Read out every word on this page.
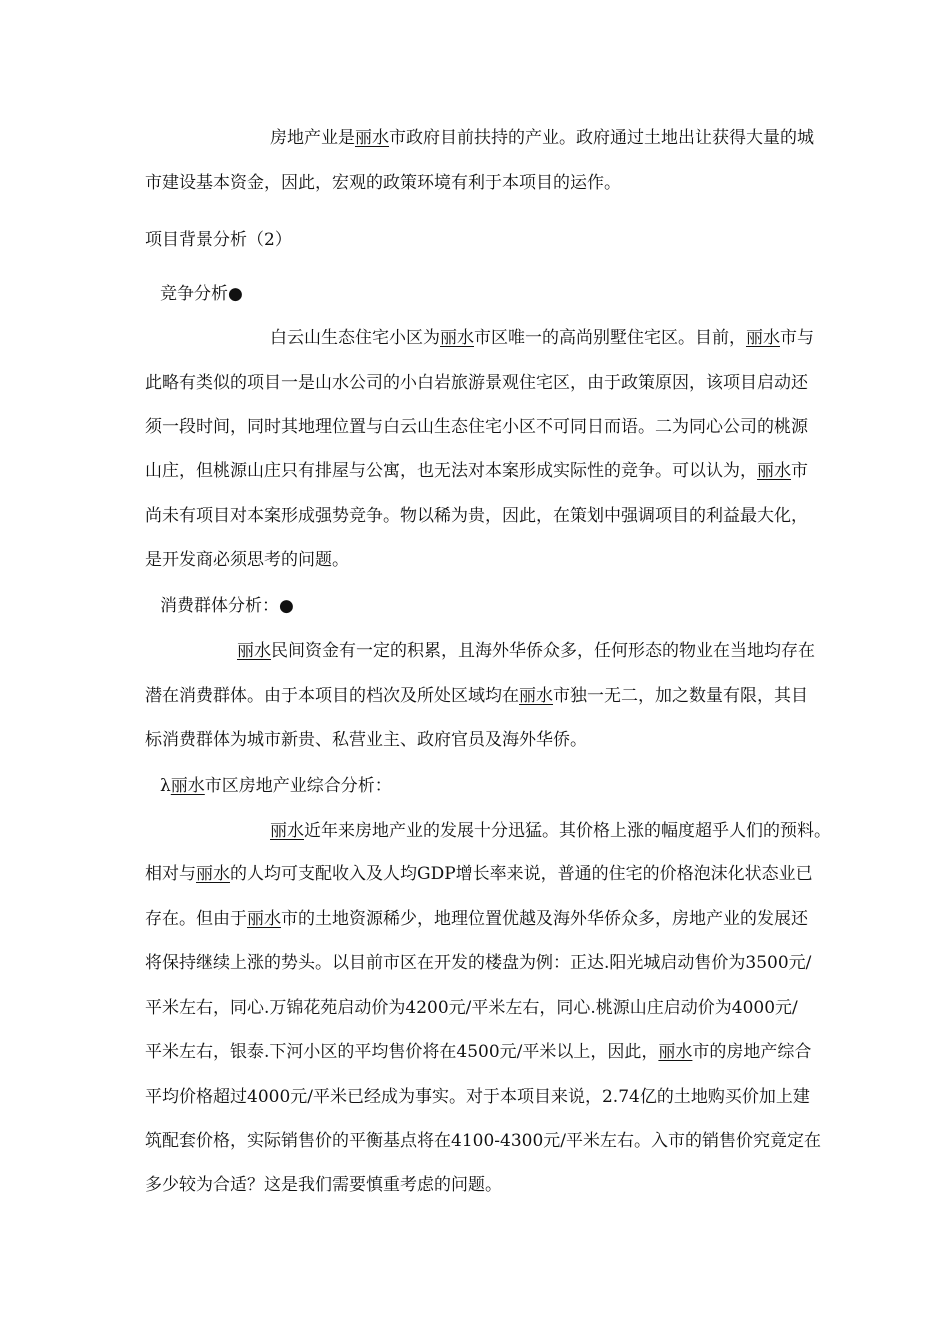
房地产业是丽水市政府目前扶持的产业。政府通过土地出让获得大量的城
市建设基本资金，因此，宏观的政策环境有利于本项目的运作。
项目背景分析（2）
竞争分析●
白云山生态住宅小区为丽水市区唯一的高尚别墅住宅区。目前，丽水市与
此略有类似的项目一是山水公司的小白岩旅游景观住宅区，由于政策原因，该项目启动还
须一段时间，同时其地理位置与白云山生态住宅小区不可同日而语。二为同心公司的桃源
山庄，但桃源山庄只有排屋与公寓，也无法对本案形成实际性的竞争。可以认为，丽水市
尚未有项目对本案形成强势竞争。物以稀为贵，因此，在策划中强调项目的利益最大化，
是开发商必须思考的问题。
消费群体分析：●
丽水民间资金有一定的积累，且海外华侨众多，任何形态的物业在当地均存在
潜在消费群体。由于本项目的档次及所处区域均在丽水市独一无二，加之数量有限，其目
标消费群体为城市新贵、私营业主、政府官员及海外华侨。
λ丽水市区房地产业综合分析：
丽水近年来房地产业的发展十分迅猛。其价格上涨的幅度超乎人们的预料。
相对与丽水的人均可支配收入及人均GDP增长率来说，普通的住宅的价格泡沫化状态业已
存在。但由于丽水市的土地资源稀少，地理位置优越及海外华侨众多，房地产业的发展还
将保持继续上涨的势头。以目前市区在开发的楼盘为例：正达.阳光城启动售价为3500元/
平米左右，同心.万锦花苑启动价为4200元/平米左右，同心.桃源山庄启动价为4000元/
平米左右，银泰.下河小区的平均售价将在4500元/平米以上，因此，丽水市的房地产综合
平均价格超过4000元/平米已经成为事实。对于本项目来说，2.74亿的土地购买价加上建
筑配套价格，实际销售价的平衡基点将在4100-4300元/平米左右。入市的销售价究竟定在
多少较为合适？这是我们需要慎重考虑的问题。
